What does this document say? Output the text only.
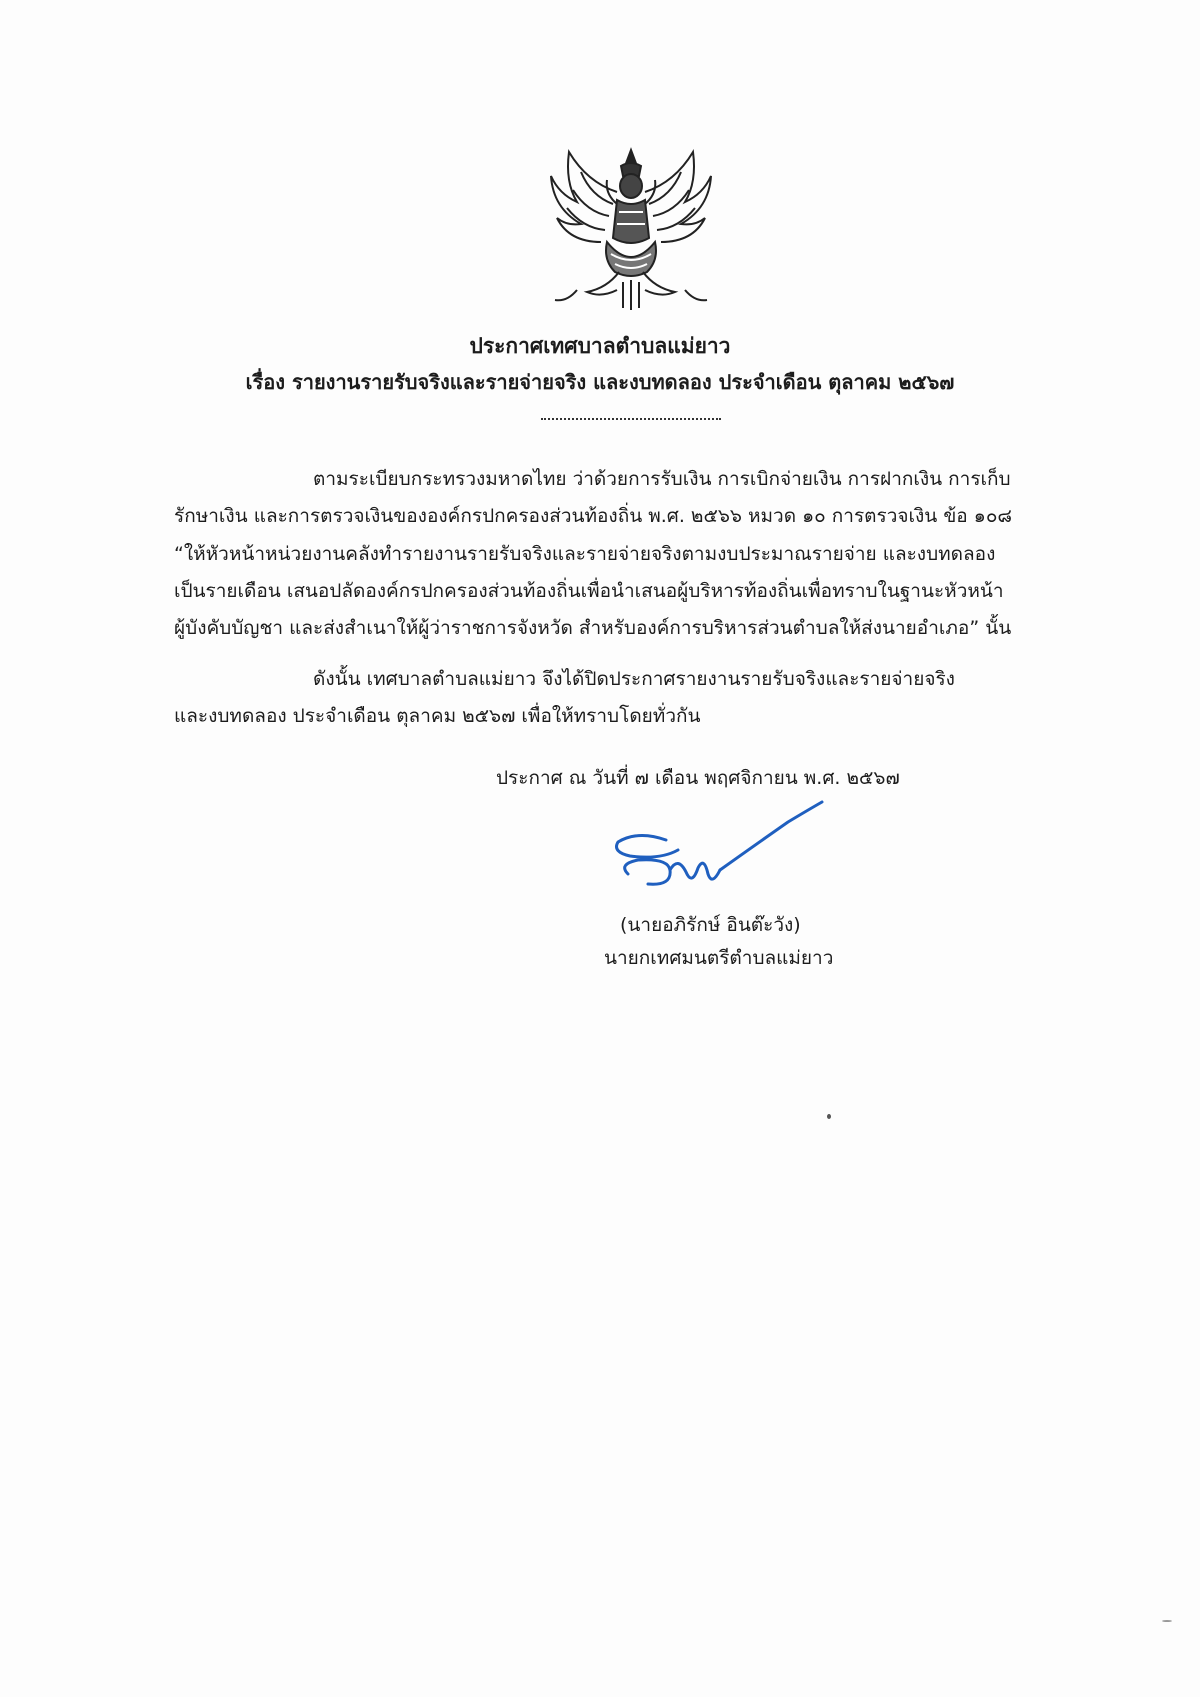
ประกาศเทศบาลตำบลแม่ยาว
เรื่อง รายงานรายรับจริงและรายจ่ายจริง และงบทดลอง ประจำเดือน ตุลาคม ๒๕๖๗
ตามระเบียบกระทรวงมหาดไทย ว่าด้วยการรับเงิน การเบิกจ่ายเงิน การฝากเงิน การเก็บ
รักษาเงิน และการตรวจเงินขององค์กรปกครองส่วนท้องถิ่น พ.ศ. ๒๕๖๖ หมวด ๑๐ การตรวจเงิน ข้อ ๑๐๘
“ให้หัวหน้าหน่วยงานคลังทำรายงานรายรับจริงและรายจ่ายจริงตามงบประมาณรายจ่าย และงบทดลอง
เป็นรายเดือน เสนอปลัดองค์กรปกครองส่วนท้องถิ่นเพื่อนำเสนอผู้บริหารท้องถิ่นเพื่อทราบในฐานะหัวหน้า
ผู้บังคับบัญชา และส่งสำเนาให้ผู้ว่าราชการจังหวัด สำหรับองค์การบริหารส่วนตำบลให้ส่งนายอำเภอ” นั้น
ดังนั้น เทศบาลตำบลแม่ยาว จึงได้ปิดประกาศรายงานรายรับจริงและรายจ่ายจริง
และงบทดลอง ประจำเดือน ตุลาคม ๒๕๖๗ เพื่อให้ทราบโดยทั่วกัน
ประกาศ ณ วันที่ ๗ เดือน พฤศจิกายน พ.ศ. ๒๕๖๗
(นายอภิรักษ์ อินต๊ะวัง)
นายกเทศมนตรีตำบลแม่ยาว
